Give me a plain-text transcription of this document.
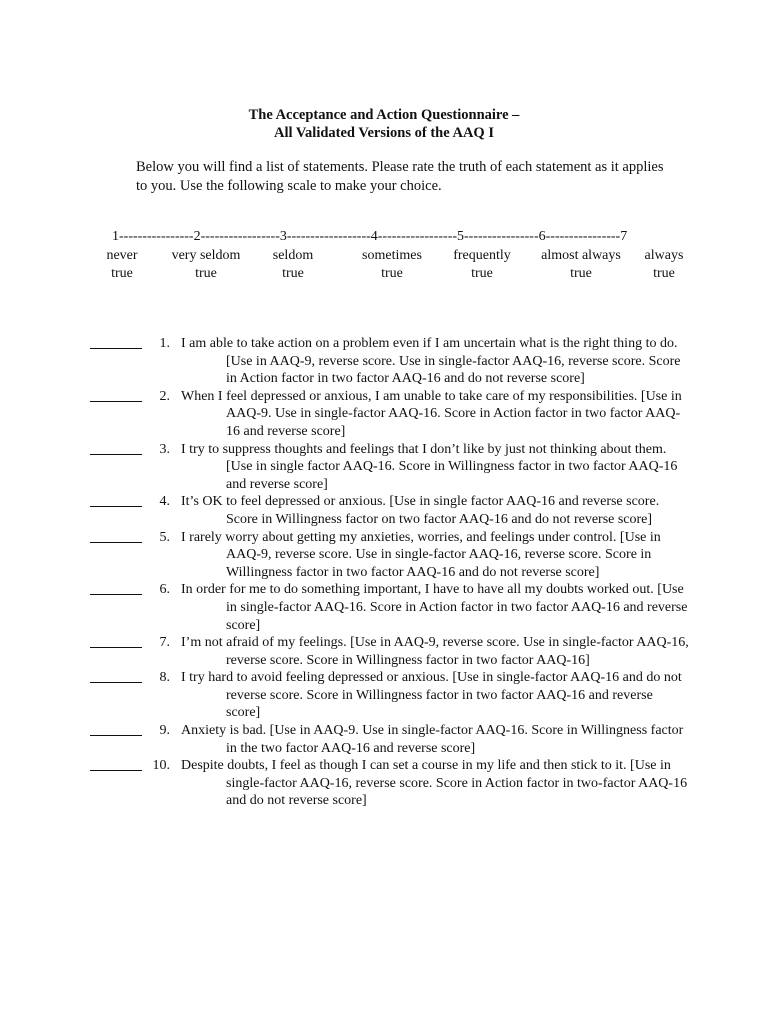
The Acceptance and Action Questionnaire –
All Validated Versions of the AAQ I
Below you will find a list of statements. Please rate the truth of each statement as it applies to you. Use the following scale to make your choice.
1----------------2-----------------3------------------4-----------------5----------------6----------------7
never
true
very seldom
true
seldom
true
sometimes
true
frequently
true
almost always
true
always
true
1. I am able to take action on a problem even if I am uncertain what is the right thing to do. [Use in AAQ-9, reverse score. Use in single-factor AAQ-16, reverse score. Score in Action factor in two factor AAQ-16 and do not reverse score]
2. When I feel depressed or anxious, I am unable to take care of my responsibilities. [Use in AAQ-9. Use in single-factor AAQ-16. Score in Action factor in two factor AAQ-16 and reverse score]
3. I try to suppress thoughts and feelings that I don’t like by just not thinking about them. [Use in single factor AAQ-16. Score in Willingness factor in two factor AAQ-16 and reverse score]
4. It’s OK to feel depressed or anxious. [Use in single factor AAQ-16 and reverse score. Score in Willingness factor on two factor AAQ-16 and do not reverse score]
5. I rarely worry about getting my anxieties, worries, and feelings under control. [Use in AAQ-9, reverse score. Use in single-factor AAQ-16, reverse score. Score in Willingness factor in two factor AAQ-16 and do not reverse score]
6. In order for me to do something important, I have to have all my doubts worked out. [Use in single-factor AAQ-16. Score in Action factor in two factor AAQ-16 and reverse score]
7. I’m not afraid of my feelings. [Use in AAQ-9, reverse score. Use in single-factor AAQ-16, reverse score. Score in Willingness factor in two factor AAQ-16]
8. I try hard to avoid feeling depressed or anxious. [Use in single-factor AAQ-16 and do not reverse score. Score in Willingness factor in two factor AAQ-16 and reverse score]
9. Anxiety is bad. [Use in AAQ-9. Use in single-factor AAQ-16. Score in Willingness factor in the two factor AAQ-16 and reverse score]
10. Despite doubts, I feel as though I can set a course in my life and then stick to it. [Use in single-factor AAQ-16, reverse score. Score in Action factor in two-factor AAQ-16 and do not reverse score]
